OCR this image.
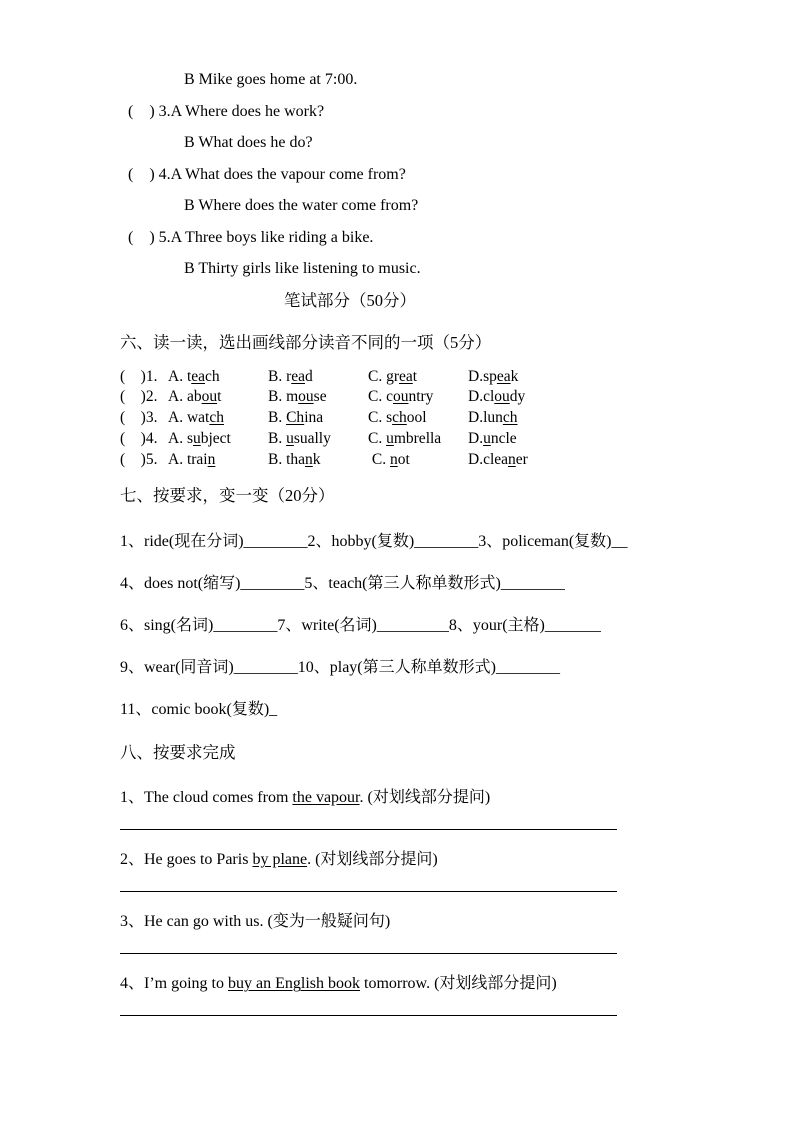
B Mike goes home at 7:00.

(    ) 3.A Where does he work?

B What does he do?

(    ) 4.A What does the vapour come from?

B Where does the water come from?

(    ) 5.A Three boys like riding a bike.

B Thirty girls like listening to music.

笔试部分（50分）

六、读一读，选出画线部分读音不同的一项（5分）

(    )1. A. teach	B. read	C. great	D.speak
(    )2. A. about	B. mouse	C. country	D.cloudy
(    )3. A. watch	B. China	C. school	D.lunch
(    )4. A. subject	B. usually	C. umbrella	D.uncle
(    )5. A. train	B. thank	C. not	D.cleaner

七、按要求，变一变（20分）

1、ride(现在分词)________2、hobby(复数)________3、policeman(复数)__

4、does not(缩写)________5、teach(第三人称单数形式)________

6、sing(名词)________7、write(名词)_________8、your(主格)_______

9、wear(同音词)________10、play(第三人称单数形式)________

11、comic book(复数)_

八、按要求完成

1、The cloud comes from the vapour. (对划线部分提问)

2、He goes to Paris by plane. (对划线部分提问)

3、He can go with us. (变为一般疑问句)

4、I’m going to buy an English book tomorrow. (对划线部分提问)
